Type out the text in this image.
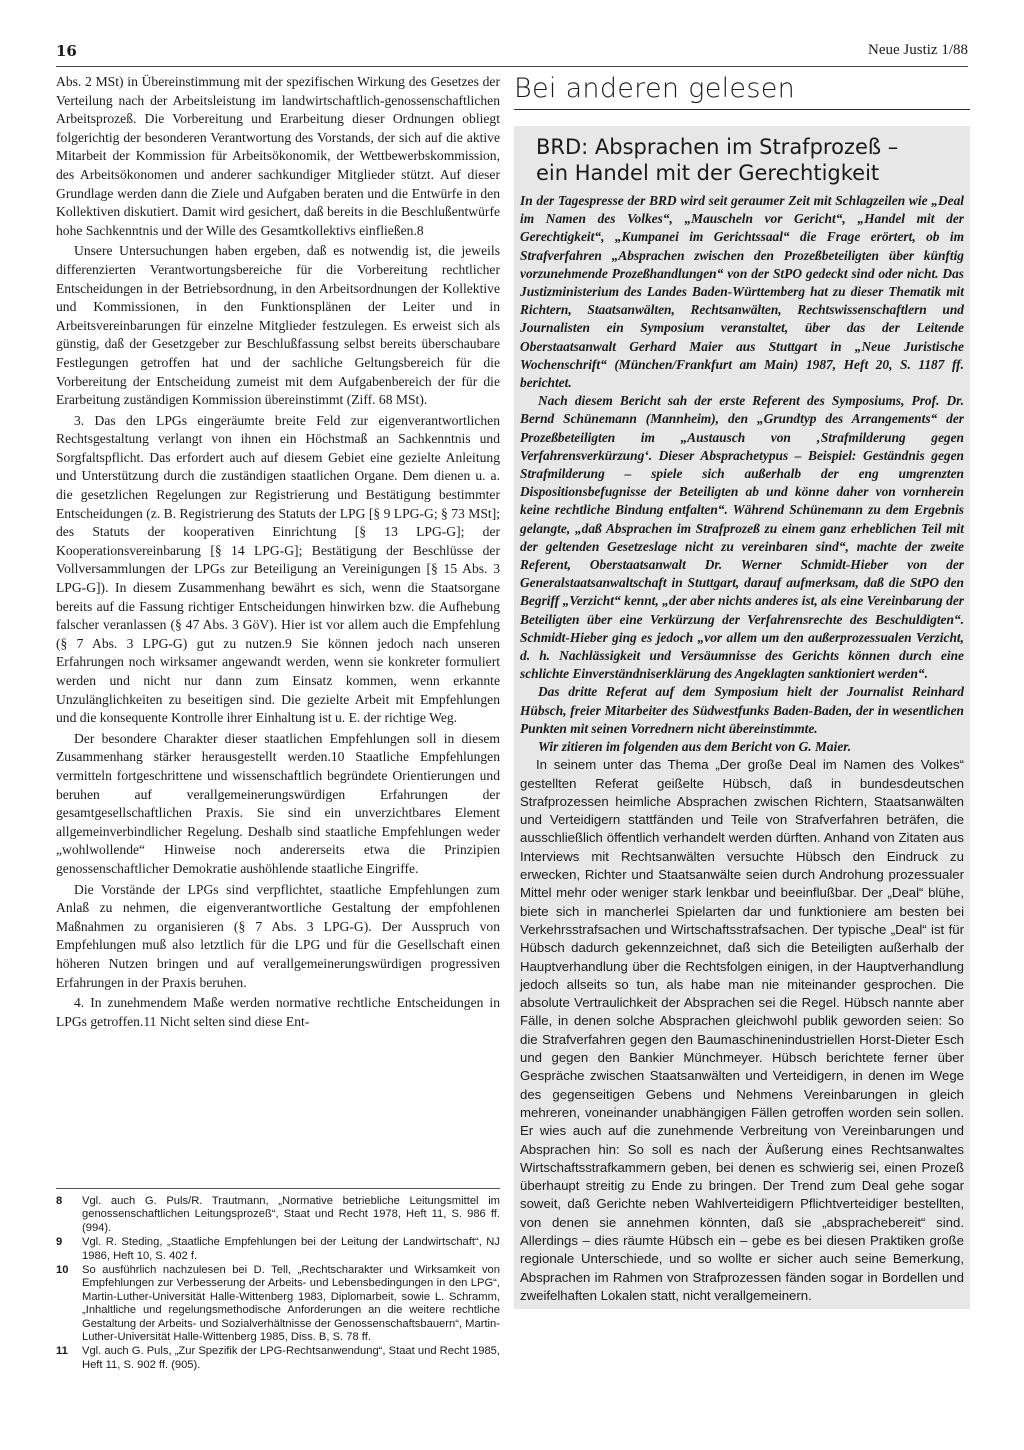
16	Neue Justiz 1/88

Abs. 2 MSt) in Übereinstimmung mit der spezifischen Wirkung des Gesetzes der Verteilung nach der Arbeitsleistung im landwirtschaftlich-genossenschaftlichen Arbeitsprozeß. Die Vorbereitung und Erarbeitung dieser Ordnungen obliegt folgerichtig der besonderen Verantwortung des Vorstands, der sich auf die aktive Mitarbeit der Kommission für Arbeitsökonomik, der Wettbewerbskommission, des Arbeitsökonomen und anderer sachkundiger Mitglieder stützt. Auf dieser Grundlage werden dann die Ziele und Aufgaben beraten und die Entwürfe in den Kollektiven diskutiert. Damit wird gesichert, daß bereits in die Beschlußentwürfe hohe Sachkenntnis und der Wille des Gesamtkollektivs einfließen.8

Unsere Untersuchungen haben ergeben, daß es notwendig ist, die jeweils differenzierten Verantwortungsbereiche für die Vorbereitung rechtlicher Entscheidungen in der Betriebsordnung, in den Arbeitsordnungen der Kollektive und Kommissionen, in den Funktionsplänen der Leiter und in Arbeitsvereinbarungen für einzelne Mitglieder festzulegen. Es erweist sich als günstig, daß der Gesetzgeber zur Beschlußfassung selbst bereits überschaubare Festlegungen getroffen hat und der sachliche Geltungsbereich für die Vorbereitung der Entscheidung zumeist mit dem Aufgabenbereich der für die Erarbeitung zuständigen Kommission übereinstimmt (Ziff. 68 MSt).

3. Das den LPGs eingeräumte breite Feld zur eigenverantwortlichen Rechtsgestaltung verlangt von ihnen ein Höchstmaß an Sachkenntnis und Sorgfaltspflicht. Das erfordert auch auf diesem Gebiet eine gezielte Anleitung und Unterstützung durch die zuständigen staatlichen Organe. Dem dienen u. a. die gesetzlichen Regelungen zur Registrierung und Bestätigung bestimmter Entscheidungen (z. B. Registrierung des Statuts der LPG [§ 9 LPG-G; § 73 MSt]; des Statuts der kooperativen Einrichtung [§ 13 LPG-G]; der Kooperationsvereinbarung [§ 14 LPG-G]; Bestätigung der Beschlüsse der Vollversammlungen der LPGs zur Beteiligung an Vereinigungen [§ 15 Abs. 3 LPG-G]). In diesem Zusammenhang bewährt es sich, wenn die Staatsorgane bereits auf die Fassung richtiger Entscheidungen hinwirken bzw. die Aufhebung falscher veranlassen (§ 47 Abs. 3 GöV). Hier ist vor allem auch die Empfehlung (§ 7 Abs. 3 LPG-G) gut zu nutzen.9 Sie können jedoch nach unseren Erfahrungen noch wirksamer angewandt werden, wenn sie konkreter formuliert werden und nicht nur dann zum Einsatz kommen, wenn erkannte Unzulänglichkeiten zu beseitigen sind. Die gezielte Arbeit mit Empfehlungen und die konsequente Kontrolle ihrer Einhaltung ist u. E. der richtige Weg.

Der besondere Charakter dieser staatlichen Empfehlungen soll in diesem Zusammenhang stärker herausgestellt werden.10 Staatliche Empfehlungen vermitteln fortgeschrittene und wissenschaftlich begründete Orientierungen und beruhen auf verallgemeinerungswürdigen Erfahrungen der gesamtgesellschaftlichen Praxis. Sie sind ein unverzichtbares Element allgemeinverbindlicher Regelung. Deshalb sind staatliche Empfehlungen weder „wohlwollende“ Hinweise noch andererseits etwa die Prinzipien genossenschaftlicher Demokratie aushöhlende staatliche Eingriffe.

Die Vorstände der LPGs sind verpflichtet, staatliche Empfehlungen zum Anlaß zu nehmen, die eigenverantwortliche Gestaltung der empfohlenen Maßnahmen zu organisieren (§ 7 Abs. 3 LPG-G). Der Ausspruch von Empfehlungen muß also letztlich für die LPG und für die Gesellschaft einen höheren Nutzen bringen und auf verallgemeinerungswürdigen progressiven Erfahrungen in der Praxis beruhen.

4. In zunehmendem Maße werden normative rechtliche Entscheidungen in LPGs getroffen.11 Nicht selten sind diese Ent-

8	Vgl. auch G. Puls/R. Trautmann, „Normative betriebliche Leitungsmittel im genossenschaftlichen Leitungsprozeß“, Staat und Recht 1978, Heft 11, S. 986 ff. (994).
9	Vgl. R. Steding, „Staatliche Empfehlungen bei der Leitung der Landwirtschaft“, NJ 1986, Heft 10, S. 402 f.
10	So ausführlich nachzulesen bei D. Tell, „Rechtscharakter und Wirksamkeit von Empfehlungen zur Verbesserung der Arbeits- und Lebensbedingungen in den LPG“, Martin-Luther-Universität Halle-Wittenberg 1983, Diplomarbeit, sowie L. Schramm, „Inhaltliche und regelungsmethodische Anforderungen an die weitere rechtliche Gestaltung der Arbeits- und Sozialverhältnisse der Genossenschaftsbauern“, Martin-Luther-Universität Halle-Wittenberg 1985, Diss. B, S. 78 ff.
11	Vgl. auch G. Puls, „Zur Spezifik der LPG-Rechtsanwendung“, Staat und Recht 1985, Heft 11, S. 902 ff. (905).
Bei anderen gelesen
BRD: Absprachen im Strafprozeß –
ein Handel mit der Gerechtigkeit

In der Tagespresse der BRD wird seit geraumer Zeit mit Schlagzeilen wie „Deal im Namen des Volkes“, „Mauscheln vor Gericht“, „Handel mit der Gerechtigkeit“, „Kumpanei im Gerichtssaal“ die Frage erörtert, ob im Strafverfahren „Absprachen zwischen den Prozeßbeteiligten über künftig vorzunehmende Prozeßhandlungen“ von der StPO gedeckt sind oder nicht. Das Justizministerium des Landes Baden-Württemberg hat zu dieser Thematik mit Richtern, Staatsanwälten, Rechtsanwälten, Rechtswissenschaftlern und Journalisten ein Symposium veranstaltet, über das der Leitende Oberstaatsanwalt Gerhard Maier aus Stuttgart in „Neue Juristische Wochenschrift“ (München/Frankfurt am Main) 1987, Heft 20, S. 1187 ff. berichtet.

Nach diesem Bericht sah der erste Referent des Symposiums, Prof. Dr. Bernd Schünemann (Mannheim), den „Grundtyp des Arrangements“ der Prozeßbeteiligten im „Austausch von ‚Strafmilderung gegen Verfahrensverkürzung‘. Dieser Absprachetypus – Beispiel: Geständnis gegen Strafmilderung – spiele sich außerhalb der eng umgrenzten Dispositionsbefugnisse der Beteiligten ab und könne daher von vornherein keine rechtliche Bindung entfalten“. Während Schünemann zu dem Ergebnis gelangte, „daß Absprachen im Strafprozeß zu einem ganz erheblichen Teil mit der geltenden Gesetzeslage nicht zu vereinbaren sind“, machte der zweite Referent, Oberstaatsanwalt Dr. Werner Schmidt-Hieber von der Generalstaatsanwaltschaft in Stuttgart, darauf aufmerksam, daß die StPO den Begriff „Verzicht“ kennt, „der aber nichts anderes ist, als eine Vereinbarung der Beteiligten über eine Verkürzung der Verfahrensrechte des Beschuldigten“. Schmidt-Hieber ging es jedoch „vor allem um den außerprozessualen Verzicht, d. h. Nachlässigkeit und Versäumnisse des Gerichts können durch eine schlichte Einverständniserklärung des Angeklagten sanktioniert werden“.

Das dritte Referat auf dem Symposium hielt der Journalist Reinhard Hübsch, freier Mitarbeiter des Südwestfunks Baden-Baden, der in wesentlichen Punkten mit seinen Vorrednern nicht übereinstimmte.

Wir zitieren im folgenden aus dem Bericht von G. Maier.

In seinem unter das Thema „Der große Deal im Namen des Volkes“ gestellten Referat geißelte Hübsch, daß in bundesdeutschen Strafprozessen heimliche Absprachen zwischen Richtern, Staatsanwälten und Verteidigern stattfänden und Teile von Strafverfahren beträfen, die ausschließlich öffentlich verhandelt werden dürften. Anhand von Zitaten aus Interviews mit Rechtsanwälten versuchte Hübsch den Eindruck zu erwecken, Richter und Staatsanwälte seien durch Androhung prozessualer Mittel mehr oder weniger stark lenkbar und beeinflußbar. Der „Deal“ blühe, biete sich in mancherlei Spielarten dar und funktioniere am besten bei Verkehrsstrafsachen und Wirtschaftsstrafsachen. Der typische „Deal“ ist für Hübsch dadurch gekennzeichnet, daß sich die Beteiligten außerhalb der Hauptverhandlung über die Rechtsfolgen einigen, in der Hauptverhandlung jedoch allseits so tun, als habe man nie miteinander gesprochen. Die absolute Vertraulichkeit der Absprachen sei die Regel. Hübsch nannte aber Fälle, in denen solche Absprachen gleichwohl publik geworden seien: So die Strafverfahren gegen den Baumaschinenindustriellen Horst-Dieter Esch und gegen den Bankier Münchmeyer. Hübsch berichtete ferner über Gespräche zwischen Staatsanwälten und Verteidigern, in denen im Wege des gegenseitigen Gebens und Nehmens Vereinbarungen in gleich mehreren, voneinander unabhängigen Fällen getroffen worden sein sollen. Er wies auch auf die zunehmende Verbreitung von Vereinbarungen und Absprachen hin: So soll es nach der Äußerung eines Rechtsanwaltes Wirtschaftsstrafkammern geben, bei denen es schwierig sei, einen Prozeß überhaupt streitig zu Ende zu bringen. Der Trend zum Deal gehe sogar soweit, daß Gerichte neben Wahlverteidigern Pflichtverteidiger bestellten, von denen sie annehmen könnten, daß sie „absprachebereit“ sind. Allerdings – dies räumte Hübsch ein – gebe es bei diesen Praktiken große regionale Unterschiede, und so wollte er sicher auch seine Bemerkung, Absprachen im Rahmen von Strafprozessen fänden sogar in Bordellen und zweifelhaften Lokalen statt, nicht verallgemeinern.
